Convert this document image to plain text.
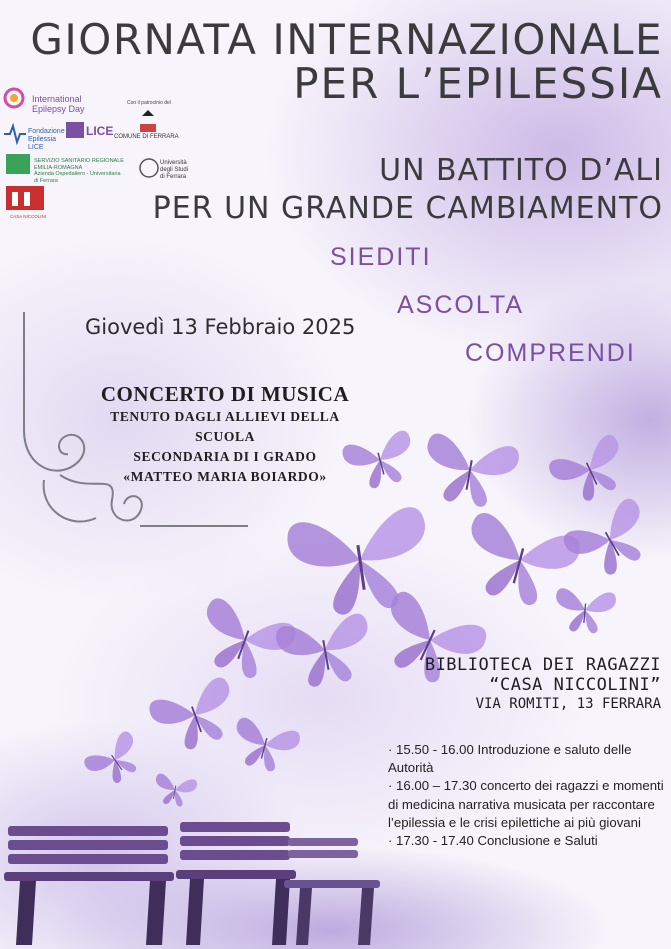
International Epilepsy Day
Con il patrocinio del
Fondazione Epilessia LICE
LICE COMUNE DI FERRARA
SERVIZIO SANITARIO REGIONALE
EMILIA-ROMAGNA
Azienda Ospedaliero - Universitaria di Ferrara
Università degli Studi di Ferrara
CASA NICCOLINI
GIORNATA INTERNAZIONALE
PER L’EPILESSIA
UN BATTITO D’ALI
PER UN GRANDE CAMBIAMENTO
SIEDITI
ASCOLTA
COMPRENDI
Giovedì 13 Febbraio 2025
CONCERTO DI MUSICA
TENUTO DAGLI ALLIEVI DELLA SCUOLA
SECONDARIA DI I GRADO
«MATTEO MARIA BOIARDO»
BIBLIOTECA DEI RAGAZZI
“CASA NICCOLINI”
VIA ROMITI, 13 FERRARA

· 15.50 - 16.00 Introduzione e saluto delle Autorità

· 16.00 – 17.30 concerto dei ragazzi e momenti di medicina narrativa musicata per raccontare l’epilessia e le crisi epilettiche ai più giovani

· 17.30 - 17.40 Conclusione e Saluti
